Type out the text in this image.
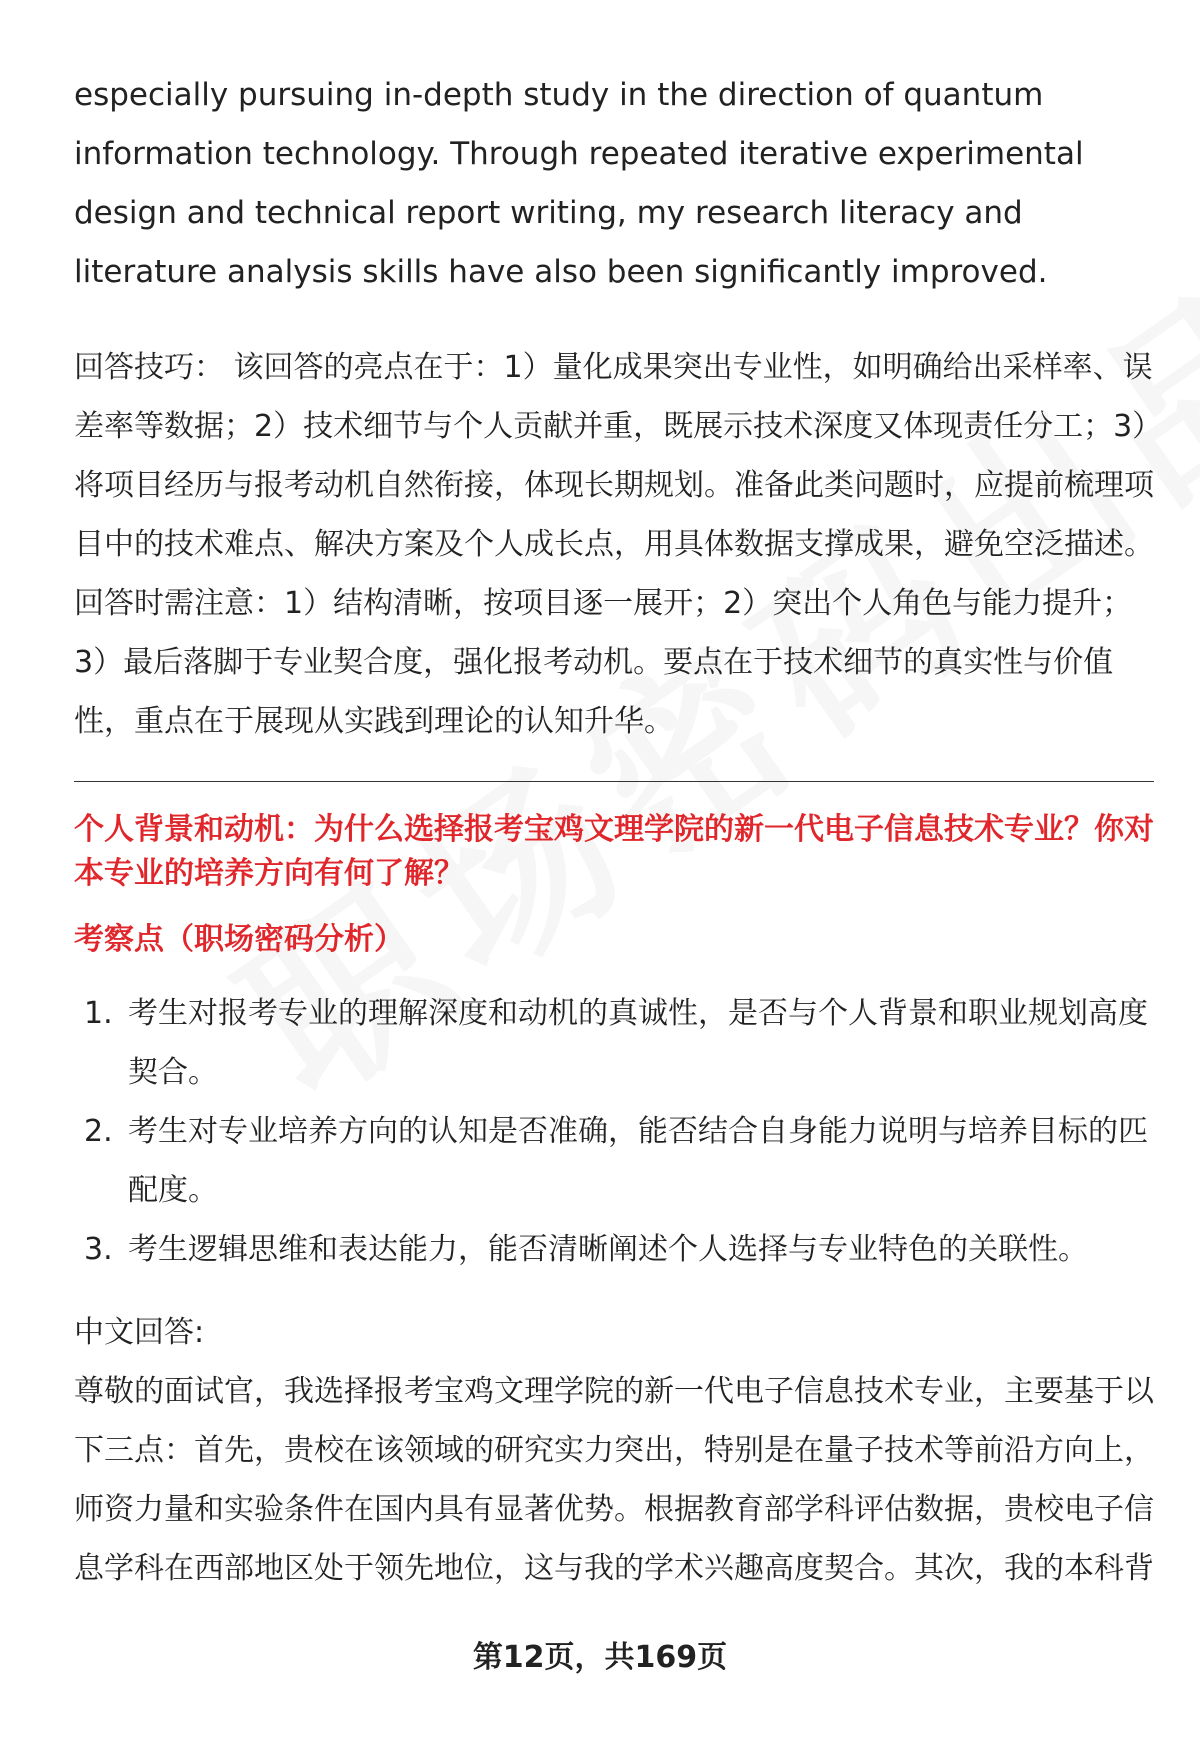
especially pursuing in-depth study in the direction of quantum information technology. Through repeated iterative experimental design and technical report writing, my research literacy and literature analysis skills have also been significantly improved.

回答技巧： 该回答的亮点在于：1）量化成果突出专业性，如明确给出采样率、误差率等数据；2）技术细节与个人贡献并重，既展示技术深度又体现责任分工；3）将项目经历与报考动机自然衔接，体现长期规划。准备此类问题时，应提前梳理项目中的技术难点、解决方案及个人成长点，用具体数据支撑成果，避免空泛描述。回答时需注意：1）结构清晰，按项目逐一展开；2）突出个人角色与能力提升；3）最后落脚于专业契合度，强化报考动机。要点在于技术细节的真实性与价值性，重点在于展现从实践到理论的认知升华。

个人背景和动机：为什么选择报考宝鸡文理学院的新一代电子信息技术专业？你对本专业的培养方向有何了解？

考察点（职场密码分析）

1. 考生对报考专业的理解深度和动机的真诚性，是否与个人背景和职业规划高度契合。
2. 考生对专业培养方向的认知是否准确，能否结合自身能力说明与培养目标的匹配度。
3. 考生逻辑思维和表达能力，能否清晰阐述个人选择与专业特色的关联性。

中文回答:

尊敬的面试官，我选择报考宝鸡文理学院的新一代电子信息技术专业，主要基于以下三点：首先，贵校在该领域的研究实力突出，特别是在量子技术等前沿方向上，师资力量和实验条件在国内具有显著优势。根据教育部学科评估数据，贵校电子信息学科在西部地区处于领先地位，这与我的学术兴趣高度契合。其次，我的本科背

第12页，共169页
